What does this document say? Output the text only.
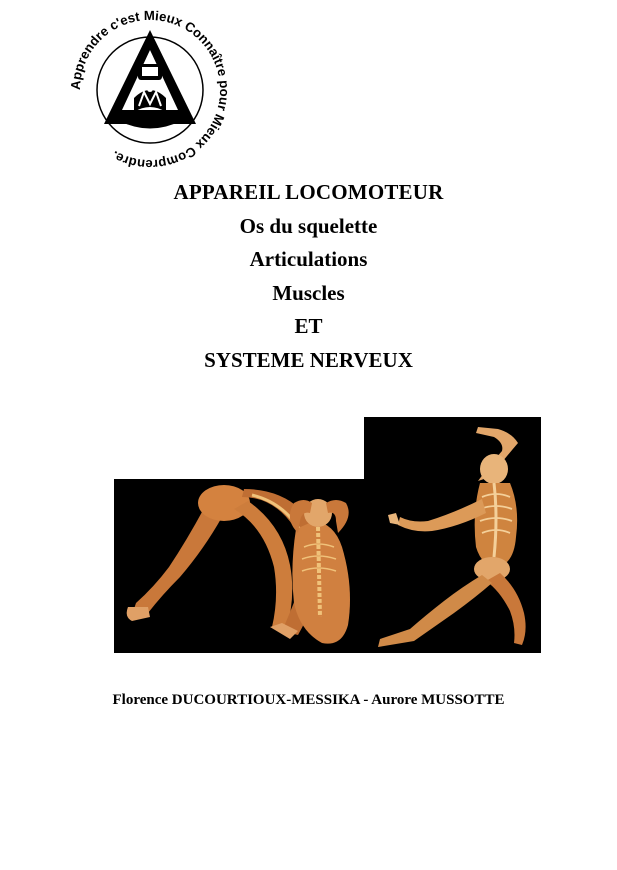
Apprendre c'est Mieux Connaître pour Mieux Comprendre.
APPAREIL LOCOMOTEUR
Os du squelette
Articulations
Muscles
ET
SYSTEME NERVEUX
Florence DUCOURTIOUX-MESSIKA - Aurore MUSSOTTE
